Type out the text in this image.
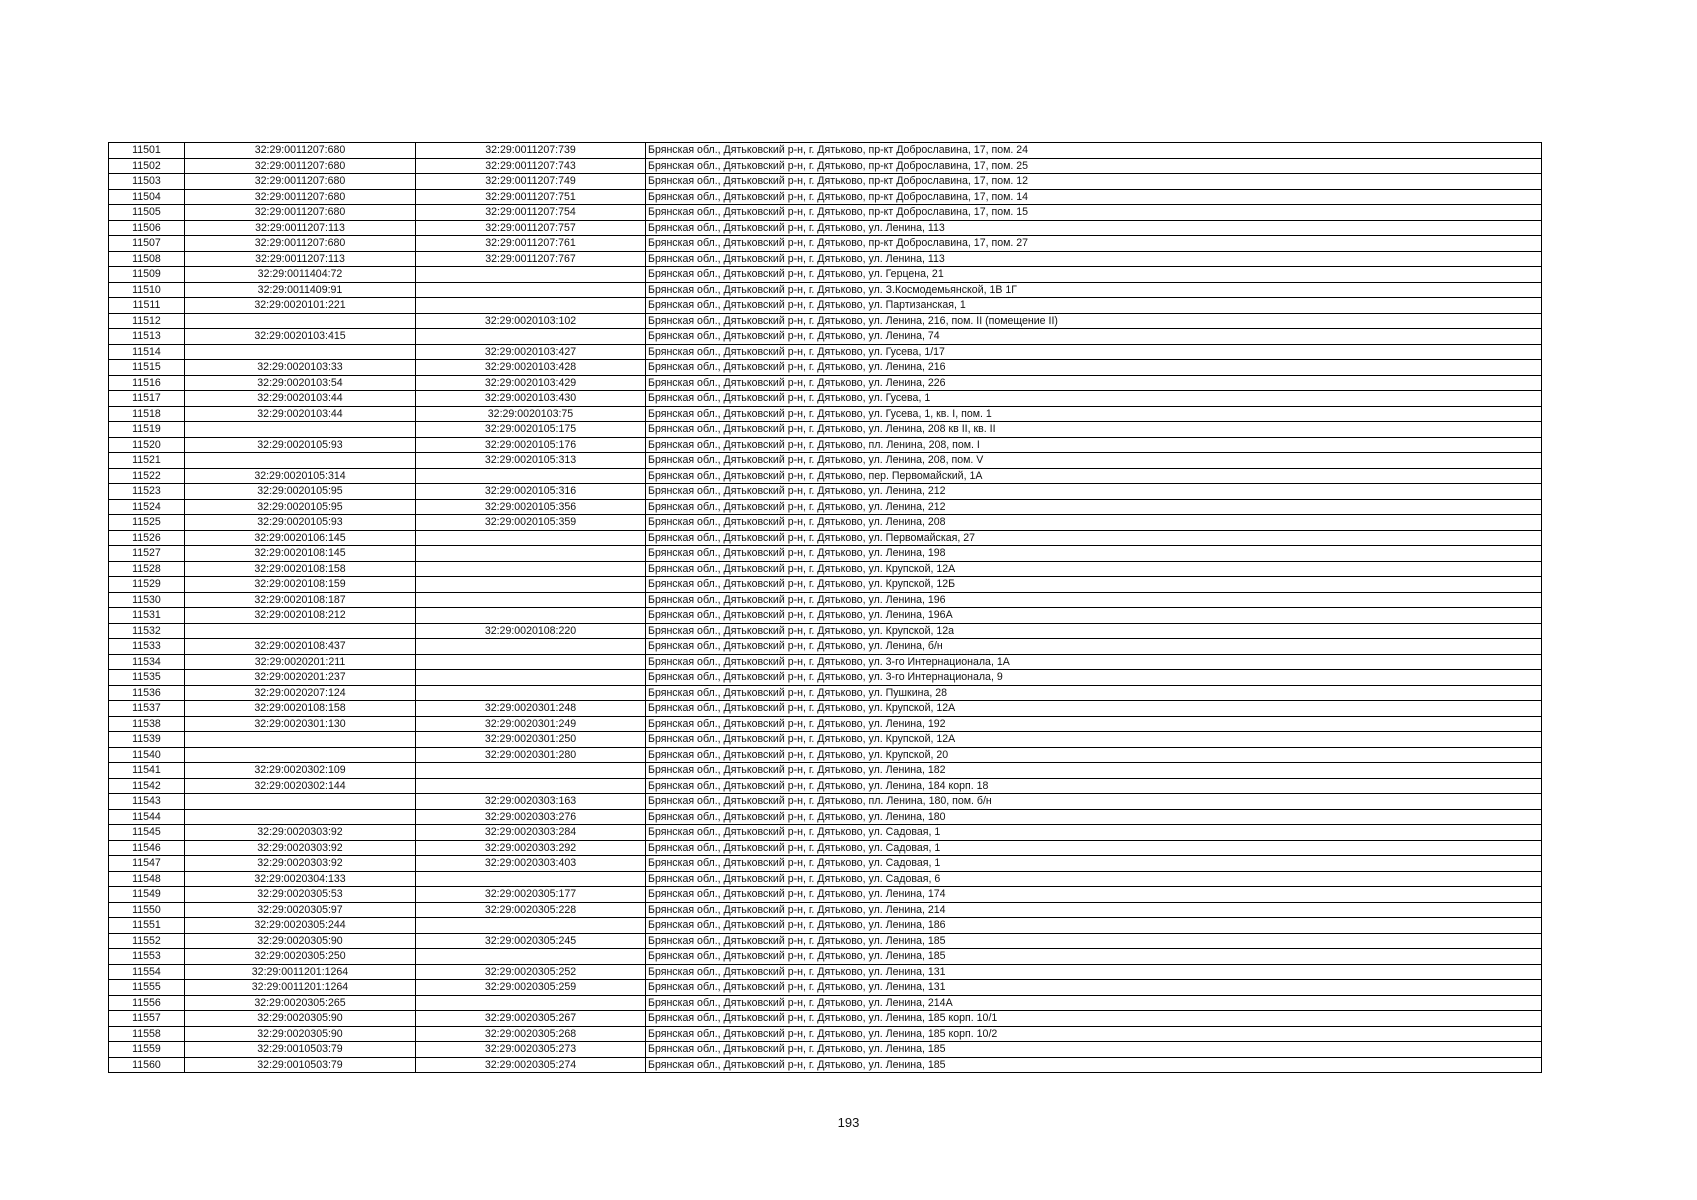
11501	32:29:0011207:680	32:29:0011207:739	Брянская обл., Дятьковский р-н, г. Дятьково, пр-кт Доброславина, 17, пом. 24
11502	32:29:0011207:680	32:29:0011207:743	Брянская обл., Дятьковский р-н, г. Дятьково, пр-кт Доброславина, 17, пом. 25
11503	32:29:0011207:680	32:29:0011207:749	Брянская обл., Дятьковский р-н, г. Дятьково, пр-кт Доброславина, 17, пом. 12
11504	32:29:0011207:680	32:29:0011207:751	Брянская обл., Дятьковский р-н, г. Дятьково, пр-кт Доброславина, 17, пом. 14
11505	32:29:0011207:680	32:29:0011207:754	Брянская обл., Дятьковский р-н, г. Дятьково, пр-кт Доброславина, 17, пом. 15
11506	32:29:0011207:113	32:29:0011207:757	Брянская обл., Дятьковский р-н, г. Дятьково, ул. Ленина, 113
11507	32:29:0011207:680	32:29:0011207:761	Брянская обл., Дятьковский р-н, г. Дятьково, пр-кт Доброславина, 17, пом. 27
11508	32:29:0011207:113	32:29:0011207:767	Брянская обл., Дятьковский р-н, г. Дятьково, ул. Ленина, 113
11509	32:29:0011404:72		Брянская обл., Дятьковский р-н, г. Дятьково, ул. Герцена, 21
11510	32:29:0011409:91		Брянская обл., Дятьковский р-н, г. Дятьково, ул. З.Космодемьянской, 1В 1Г
11511	32:29:0020101:221		Брянская обл., Дятьковский р-н, г. Дятьково, ул. Партизанская, 1
11512		32:29:0020103:102	Брянская обл., Дятьковский р-н, г. Дятьково, ул. Ленина, 216, пом. II (помещение II)
11513	32:29:0020103:415		Брянская обл., Дятьковский р-н, г. Дятьково, ул. Ленина, 74
11514		32:29:0020103:427	Брянская обл., Дятьковский р-н, г. Дятьково, ул. Гусева, 1/17
11515	32:29:0020103:33	32:29:0020103:428	Брянская обл., Дятьковский р-н, г. Дятьково, ул. Ленина, 216
11516	32:29:0020103:54	32:29:0020103:429	Брянская обл., Дятьковский р-н, г. Дятьково, ул. Ленина, 226
11517	32:29:0020103:44	32:29:0020103:430	Брянская обл., Дятьковский р-н, г. Дятьково, ул. Гусева, 1
11518	32:29:0020103:44	32:29:0020103:75	Брянская обл., Дятьковский р-н, г. Дятьково, ул. Гусева, 1, кв. I, пом. 1
11519		32:29:0020105:175	Брянская обл., Дятьковский р-н, г. Дятьково, ул. Ленина, 208 кв II, кв. II
11520	32:29:0020105:93	32:29:0020105:176	Брянская обл., Дятьковский р-н, г. Дятьково, пл. Ленина, 208, пом. I
11521		32:29:0020105:313	Брянская обл., Дятьковский р-н, г. Дятьково, ул. Ленина, 208, пом. V
11522	32:29:0020105:314		Брянская обл., Дятьковский р-н, г. Дятьково, пер. Первомайский, 1А
11523	32:29:0020105:95	32:29:0020105:316	Брянская обл., Дятьковский р-н, г. Дятьково, ул. Ленина, 212
11524	32:29:0020105:95	32:29:0020105:356	Брянская обл., Дятьковский р-н, г. Дятьково, ул. Ленина, 212
11525	32:29:0020105:93	32:29:0020105:359	Брянская обл., Дятьковский р-н, г. Дятьково, ул. Ленина, 208
11526	32:29:0020106:145		Брянская обл., Дятьковский р-н, г. Дятьково, ул. Первомайская, 27
11527	32:29:0020108:145		Брянская обл., Дятьковский р-н, г. Дятьково, ул. Ленина, 198
11528	32:29:0020108:158		Брянская обл., Дятьковский р-н, г. Дятьково, ул. Крупской, 12А
11529	32:29:0020108:159		Брянская обл., Дятьковский р-н, г. Дятьково, ул. Крупской, 12Б
11530	32:29:0020108:187		Брянская обл., Дятьковский р-н, г. Дятьково, ул. Ленина, 196
11531	32:29:0020108:212		Брянская обл., Дятьковский р-н, г. Дятьково, ул. Ленина, 196А
11532		32:29:0020108:220	Брянская обл., Дятьковский р-н, г. Дятьково, ул. Крупской, 12а
11533	32:29:0020108:437		Брянская обл., Дятьковский р-н, г. Дятьково, ул. Ленина, б/н
11534	32:29:0020201:211		Брянская обл., Дятьковский р-н, г. Дятьково, ул. 3-го Интернационала, 1А
11535	32:29:0020201:237		Брянская обл., Дятьковский р-н, г. Дятьково, ул. 3-го Интернационала, 9
11536	32:29:0020207:124		Брянская обл., Дятьковский р-н, г. Дятьково, ул. Пушкина, 28
11537	32:29:0020108:158	32:29:0020301:248	Брянская обл., Дятьковский р-н, г. Дятьково, ул. Крупской, 12А
11538	32:29:0020301:130	32:29:0020301:249	Брянская обл., Дятьковский р-н, г. Дятьково, ул. Ленина, 192
11539		32:29:0020301:250	Брянская обл., Дятьковский р-н, г. Дятьково, ул. Крупской, 12А
11540		32:29:0020301:280	Брянская обл., Дятьковский р-н, г. Дятьково, ул. Крупской, 20
11541	32:29:0020302:109		Брянская обл., Дятьковский р-н, г. Дятьково, ул. Ленина, 182
11542	32:29:0020302:144		Брянская обл., Дятьковский р-н, г. Дятьково, ул. Ленина, 184 корп. 18
11543		32:29:0020303:163	Брянская обл., Дятьковский р-н, г. Дятьково, пл. Ленина, 180, пом. б/н
11544		32:29:0020303:276	Брянская обл., Дятьковский р-н, г. Дятьково, ул. Ленина, 180
11545	32:29:0020303:92	32:29:0020303:284	Брянская обл., Дятьковский р-н, г. Дятьково, ул. Садовая, 1
11546	32:29:0020303:92	32:29:0020303:292	Брянская обл., Дятьковский р-н, г. Дятьково, ул. Садовая, 1
11547	32:29:0020303:92	32:29:0020303:403	Брянская обл., Дятьковский р-н, г. Дятьково, ул. Садовая, 1
11548	32:29:0020304:133		Брянская обл., Дятьковский р-н, г. Дятьково, ул. Садовая, 6
11549	32:29:0020305:53	32:29:0020305:177	Брянская обл., Дятьковский р-н, г. Дятьково, ул. Ленина, 174
11550	32:29:0020305:97	32:29:0020305:228	Брянская обл., Дятьковский р-н, г. Дятьково, ул. Ленина, 214
11551	32:29:0020305:244		Брянская обл., Дятьковский р-н, г. Дятьково, ул. Ленина, 186
11552	32:29:0020305:90	32:29:0020305:245	Брянская обл., Дятьковский р-н, г. Дятьково, ул. Ленина, 185
11553	32:29:0020305:250		Брянская обл., Дятьковский р-н, г. Дятьково, ул. Ленина, 185
11554	32:29:0011201:1264	32:29:0020305:252	Брянская обл., Дятьковский р-н, г. Дятьково, ул. Ленина, 131
11555	32:29:0011201:1264	32:29:0020305:259	Брянская обл., Дятьковский р-н, г. Дятьково, ул. Ленина, 131
11556	32:29:0020305:265		Брянская обл., Дятьковский р-н, г. Дятьково, ул. Ленина, 214А
11557	32:29:0020305:90	32:29:0020305:267	Брянская обл., Дятьковский р-н, г. Дятьково, ул. Ленина, 185 корп. 10/1
11558	32:29:0020305:90	32:29:0020305:268	Брянская обл., Дятьковский р-н, г. Дятьково, ул. Ленина, 185 корп. 10/2
11559	32:29:0010503:79	32:29:0020305:273	Брянская обл., Дятьковский р-н, г. Дятьково, ул. Ленина, 185
11560	32:29:0010503:79	32:29:0020305:274	Брянская обл., Дятьковский р-н, г. Дятьково, ул. Ленина, 185
193
